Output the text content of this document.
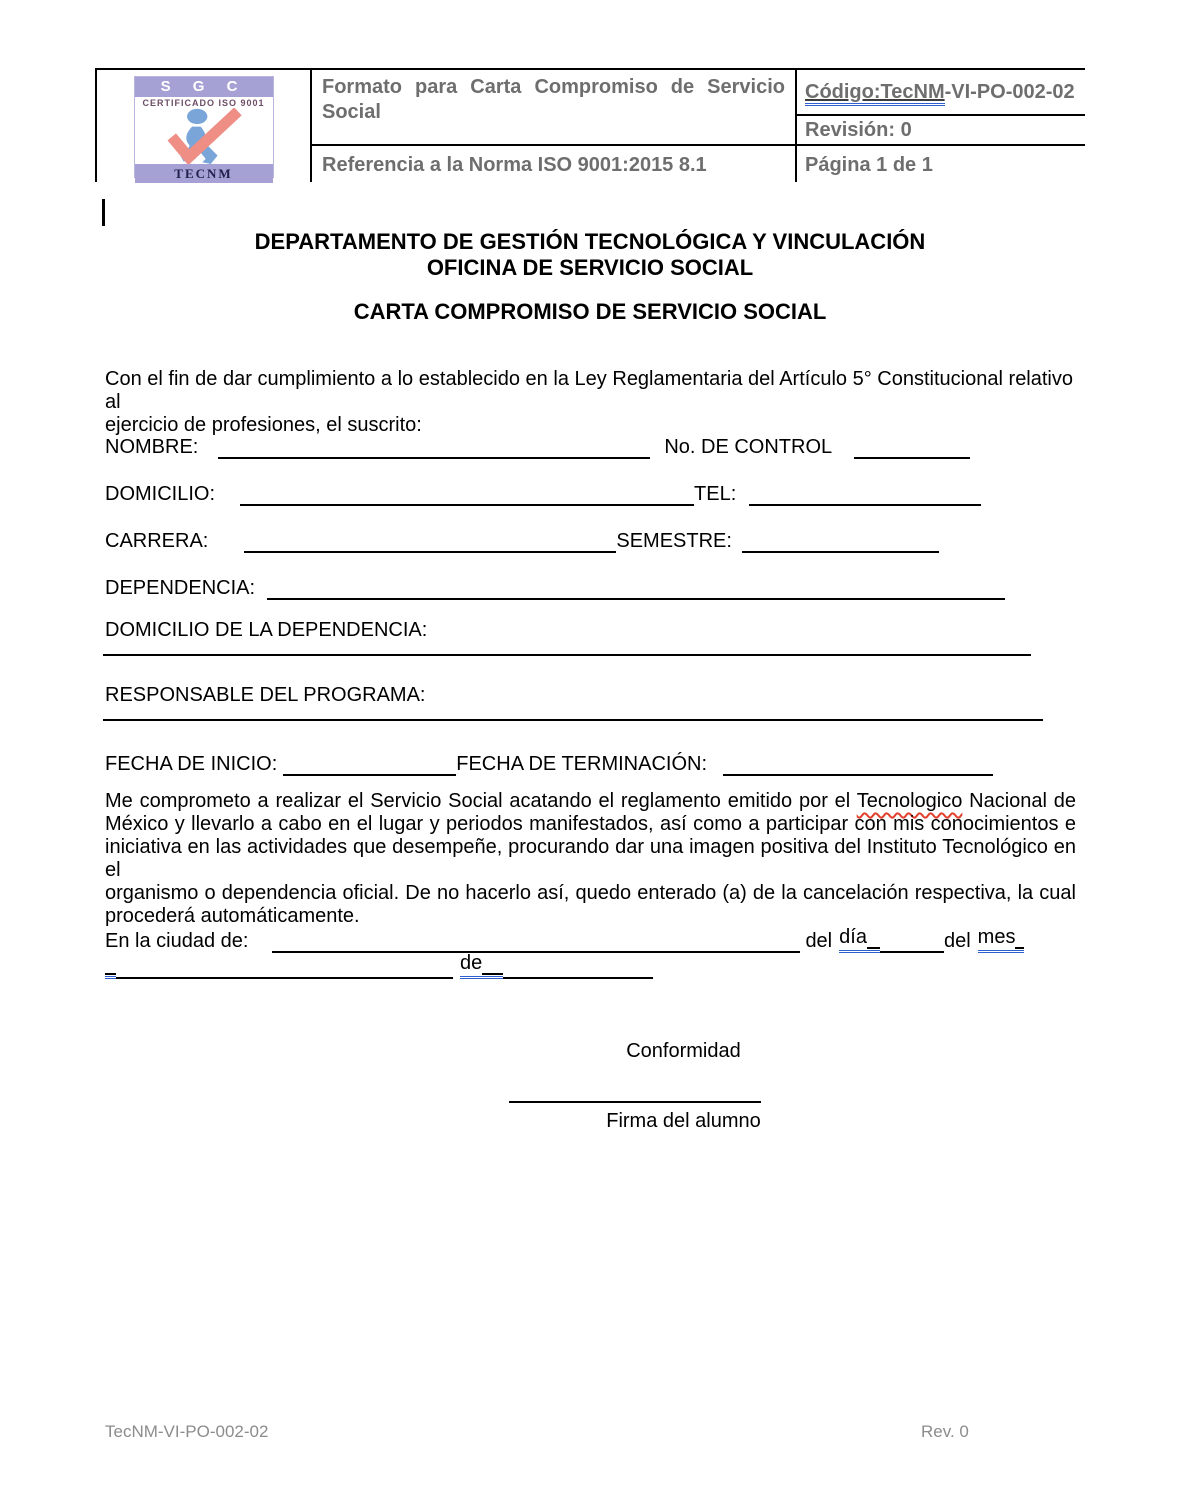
S G C
CERTIFICADO ISO 9001
TECNM
Formato para Carta Compromiso de Servicio Social
Código:TecNM-VI-PO-002-02
Revisión: 0
Referencia a la Norma ISO 9001:2015 8.1	Página 1 de 1
DEPARTAMENTO DE GESTIÓN TECNOLÓGICA Y VINCULACIÓN
OFICINA DE SERVICIO SOCIAL
CARTA COMPROMISO DE SERVICIO SOCIAL
Con el fin de dar cumplimiento a lo establecido en la Ley Reglamentaria del Artículo 5° Constitucional relativo al
ejercicio de profesiones, el suscrito:
NOMBRE:	No. DE CONTROL
DOMICILIO:	TEL:
CARRERA:	SEMESTRE:
DEPENDENCIA:
DOMICILIO DE LA DEPENDENCIA:
RESPONSABLE DEL PROGRAMA:
FECHA DE INICIO:	FECHA DE TERMINACIÓN:
Me comprometo a realizar el Servicio Social acatando el reglamento emitido por el Tecnologico Nacional de
México y llevarlo a cabo en el lugar y periodos manifestados, así como a participar con mis conocimientos e
iniciativa en las actividades que desempeñe, procurando dar una imagen positiva del Instituto Tecnológico en el
organismo o dependencia oficial. De no hacerlo así, quedo enterado (a) de la cancelación respectiva, la cual
procederá automáticamente.
En la ciudad de:	del día	del mes
de
Conformidad
Firma del alumno
TecNM-VI-PO-002-02	Rev. 0
